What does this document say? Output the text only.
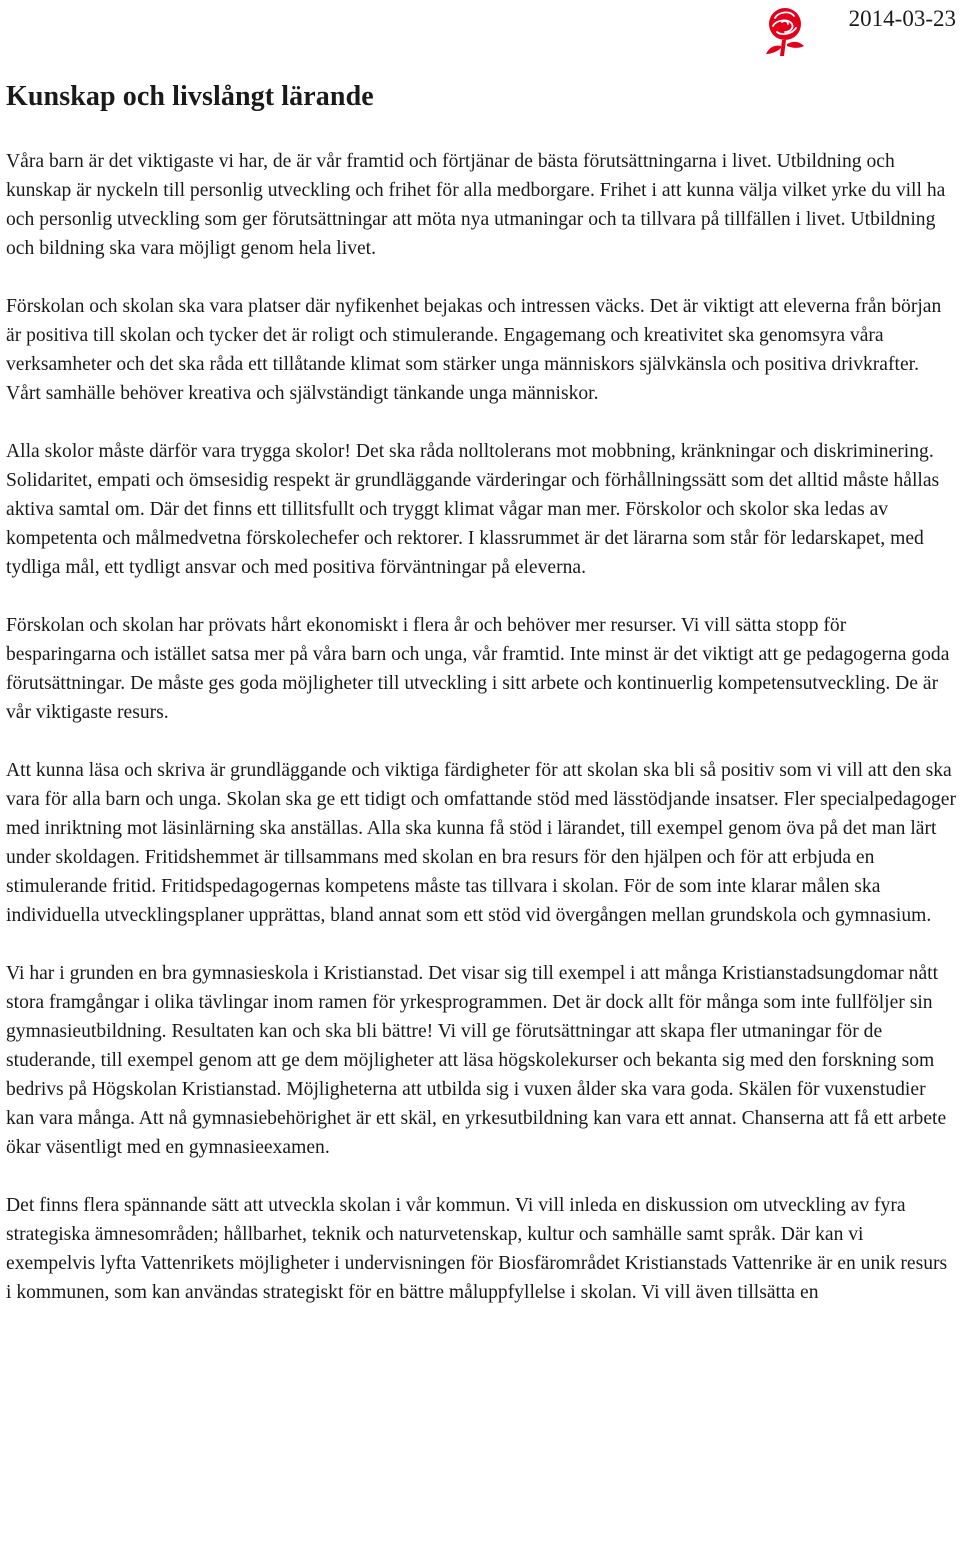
2014-03-23
Kunskap och livslångt lärande

Våra barn är det viktigaste vi har, de är vår framtid och förtjänar de bästa förutsättningarna i livet. Utbildning och kunskap är nyckeln till personlig utveckling och frihet för alla medborgare. Frihet i att kunna välja vilket yrke du vill ha och personlig utveckling som ger förutsättningar att möta nya utmaningar och ta tillvara på tillfällen i livet. Utbildning och bildning ska vara möjligt genom hela livet.

Förskolan och skolan ska vara platser där nyfikenhet bejakas och intressen väcks. Det är viktigt att eleverna från början är positiva till skolan och tycker det är roligt och stimulerande. Engagemang och kreativitet ska genomsyra våra verksamheter och det ska råda ett tillåtande klimat som stärker unga människors självkänsla och positiva drivkrafter. Vårt samhälle behöver kreativa och självständigt tänkande unga människor.

Alla skolor måste därför vara trygga skolor! Det ska råda nolltolerans mot mobbning, kränkningar och diskriminering. Solidaritet, empati och ömsesidig respekt är grundläggande värderingar och förhållningssätt som det alltid måste hållas aktiva samtal om. Där det finns ett tillitsfullt och tryggt klimat vågar man mer. Förskolor och skolor ska ledas av kompetenta och målmedvetna förskolechefer och rektorer. I klassrummet är det lärarna som står för ledarskapet, med tydliga mål, ett tydligt ansvar och med positiva förväntningar på eleverna.

Förskolan och skolan har prövats hårt ekonomiskt i flera år och behöver mer resurser. Vi vill sätta stopp för besparingarna och istället satsa mer på våra barn och unga, vår framtid. Inte minst är det viktigt att ge pedagogerna goda förutsättningar. De måste ges goda möjligheter till utveckling i sitt arbete och kontinuerlig kompetensutveckling. De är vår viktigaste resurs.

Att kunna läsa och skriva är grundläggande och viktiga färdigheter för att skolan ska bli så positiv som vi vill att den ska vara för alla barn och unga. Skolan ska ge ett tidigt och omfattande stöd med lässtödjande insatser. Fler specialpedagoger med inriktning mot läsinlärning ska anställas. Alla ska kunna få stöd i lärandet, till exempel genom öva på det man lärt under skoldagen. Fritidshemmet är tillsammans med skolan en bra resurs för den hjälpen och för att erbjuda en stimulerande fritid. Fritidspedagogernas kompetens måste tas tillvara i skolan. För de som inte klarar målen ska individuella utvecklingsplaner upprättas, bland annat som ett stöd vid övergången mellan grundskola och gymnasium.

Vi har i grunden en bra gymnasieskola i Kristianstad. Det visar sig till exempel i att många Kristianstadsungdomar nått stora framgångar i olika tävlingar inom ramen för yrkesprogrammen. Det är dock allt för många som inte fullföljer sin gymnasieutbildning. Resultaten kan och ska bli bättre! Vi vill ge förutsättningar att skapa fler utmaningar för de studerande, till exempel genom att ge dem möjligheter att läsa högskolekurser och bekanta sig med den forskning som bedrivs på Högskolan Kristianstad. Möjligheterna att utbilda sig i vuxen ålder ska vara goda. Skälen för vuxenstudier kan vara många. Att nå gymnasiebehörighet är ett skäl, en yrkesutbildning kan vara ett annat. Chanserna att få ett arbete ökar väsentligt med en gymnasieexamen.

Det finns flera spännande sätt att utveckla skolan i vår kommun. Vi vill inleda en diskussion om utveckling av fyra strategiska ämnesområden; hållbarhet, teknik och naturvetenskap, kultur och samhälle samt språk. Där kan vi exempelvis lyfta Vattenrikets möjligheter i undervisningen för Biosfärområdet Kristianstads Vattenrike är en unik resurs i kommunen, som kan användas strategiskt för en bättre måluppfyllelse i skolan. Vi vill även tillsätta en
